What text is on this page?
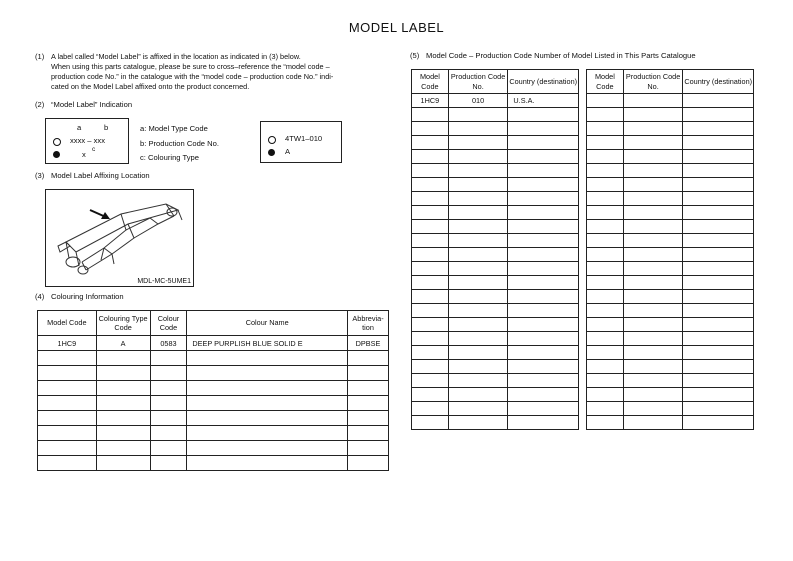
MODEL LABEL
(1) A label called “Model Label” is affixed in the location as indicated in (3) below.
When using this parts catalogue, please be sure to cross–reference the “model code –
production code No.” in the catalogue with the “model code – production code No.” indi-
cated on the Model Label affixed onto the product concerned.
(2) “Model Label” Indication
a	b
xxxx – xxx
x
c
a: Model Type Code
b: Production Code No.
c: Colouring Type
4TW1–010
A
(3) Model Label Affixing Location
MDL-MC-5UME1
(4) Colouring Information
Model Code	Colouring Type Code	Colour Code	Colour Name	Abbrevia-tion
1HC9	A	0583	DEEP PURPLISH BLUE SOLID E	DPBSE

(5) Model Code – Production Code Number of Model Listed in This Parts Catalogue
Model Code	Production Code No.	Country (destination)
1HC9	010	U.S.A.

Model Code	Production Code No.	Country (destination)
